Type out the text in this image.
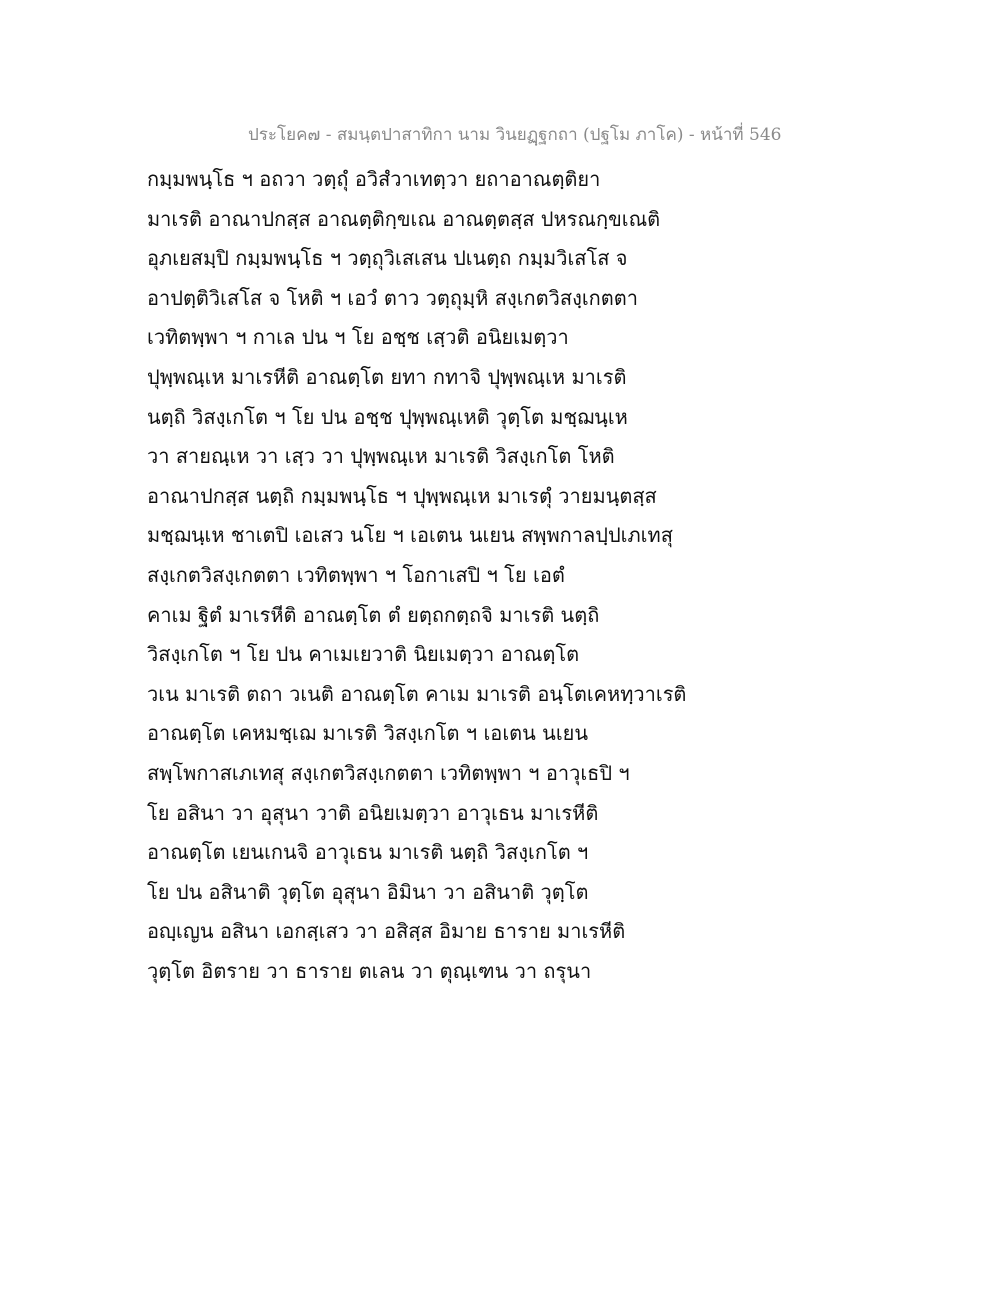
ประโยค๗ - สมนฺตปาสาทิกา นาม วินยฏฺฐกถา (ปฐโม ภาโค) - หน้าที่ 546
กมฺมพนฺโธ ฯ อถวา วตฺถุํ อวิสํวาเทตฺวา ยถาอาณตฺติยา
มาเรติ อาณาปกสฺส อาณตฺติกฺขเณ อาณตฺตสฺส ปหรณกฺขเณติ
อุภเยสมฺปิ กมฺมพนฺโธ ฯ วตฺถุวิเสเสน ปเนตฺถ กมฺมวิเสโส จ
อาปตฺติวิเสโส จ โหติ ฯ เอวํ ตาว วตฺถุมฺหิ สงฺเกตวิสงฺเกตตา
เวทิตพฺพา ฯ กาเล ปน ฯ โย อชฺช เสฺวติ อนิยเมตฺวา
ปุพฺพณฺเห มาเรหีติ อาณตฺโต ยทา กทาจิ ปุพฺพณฺเห มาเรติ
นตฺถิ วิสงฺเกโต ฯ โย ปน อชฺช ปุพฺพณฺเหติ วุตฺโต มชฺฌนฺเห
วา สายณฺเห วา เสฺว วา ปุพฺพณฺเห มาเรติ วิสงฺเกโต โหติ
อาณาปกสฺส นตฺถิ กมฺมพนฺโธ ฯ ปุพฺพณฺเห มาเรตุํ วายมนฺตสฺส
มชฺฌนฺเห ชาเตปิ เอเสว นโย ฯ เอเตน นเยน สพฺพกาลปฺปเภเทสุ
สงฺเกตวิสงฺเกตตา เวทิตพฺพา ฯ โอกาเสปิ ฯ โย เอตํ
คาเม ฐิตํ มาเรหีติ อาณตฺโต ตํ ยตฺถกตฺถจิ มาเรติ นตฺถิ
วิสงฺเกโต ฯ โย ปน คาเมเยวาติ นิยเมตฺวา อาณตฺโต
วเน มาเรติ ตถา วเนติ อาณตฺโต คาเม มาเรติ อนฺโตเคหทฺวาเรติ
อาณตฺโต เคหมชฺเฌ มาเรติ วิสงฺเกโต ฯ เอเตน นเยน
สพฺโพกาสเภเทสุ สงฺเกตวิสงฺเกตตา เวทิตพฺพา ฯ อาวุเธปิ ฯ
โย อสินา วา อุสุนา วาติ อนิยเมตฺวา อาวุเธน มาเรหีติ
อาณตฺโต เยนเกนจิ อาวุเธน มาเรติ นตฺถิ วิสงฺเกโต ฯ
โย ปน อสินาติ วุตฺโต อุสุนา อิมินา วา อสินาติ วุตฺโต
อญฺเญน อสินา เอกสฺเสว วา อสิสฺส อิมาย ธาราย มาเรหีติ
วุตฺโต อิตราย วา ธาราย ตเลน วา ตุณฺเฑน วา ถรุนา
